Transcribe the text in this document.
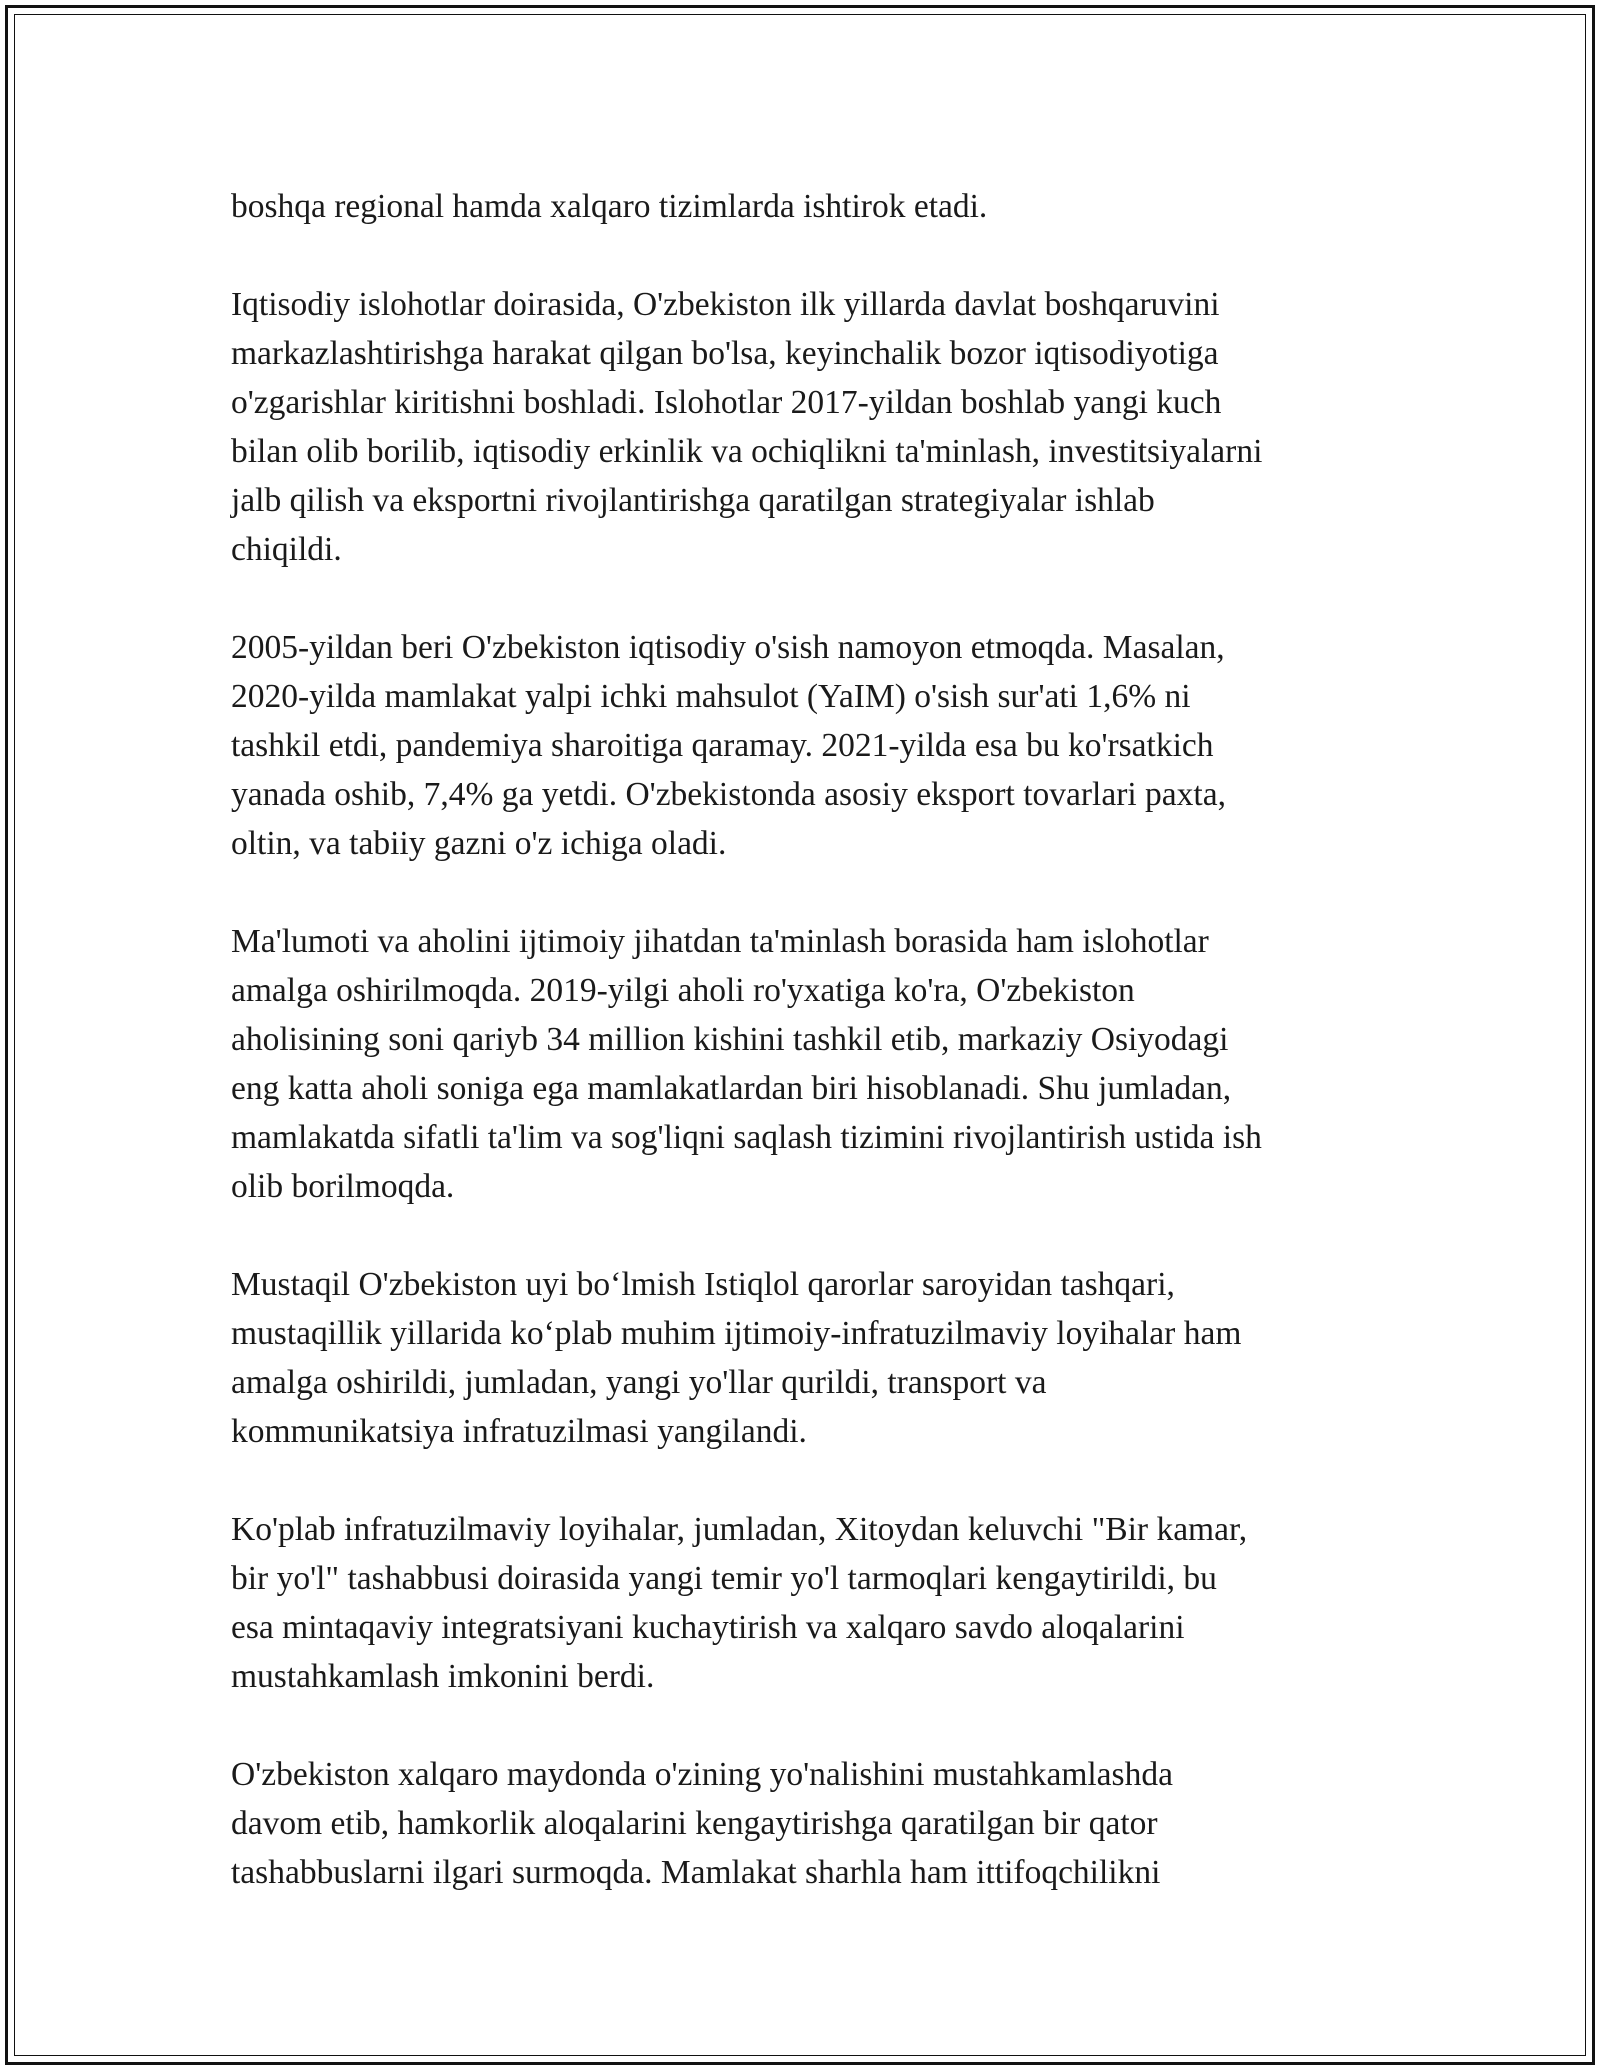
boshqa regional hamda xalqaro tizimlarda ishtirok etadi.

Iqtisodiy islohotlar doirasida, O'zbekiston ilk yillarda davlat boshqaruvini
markazlashtirishga harakat qilgan bo'lsa, keyinchalik bozor iqtisodiyotiga
o'zgarishlar kiritishni boshladi. Islohotlar 2017-yildan boshlab yangi kuch
bilan olib borilib, iqtisodiy erkinlik va ochiqlikni ta'minlash, investitsiyalarni
jalb qilish va eksportni rivojlantirishga qaratilgan strategiyalar ishlab
chiqildi.

2005-yildan beri O'zbekiston iqtisodiy o'sish namoyon etmoqda. Masalan,
2020-yilda mamlakat yalpi ichki mahsulot (YaIM) o'sish sur'ati 1,6% ni
tashkil etdi, pandemiya sharoitiga qaramay. 2021-yilda esa bu ko'rsatkich
yanada oshib, 7,4% ga yetdi. O'zbekistonda asosiy eksport tovarlari paxta,
oltin, va tabiiy gazni o'z ichiga oladi.

Ma'lumoti va aholini ijtimoiy jihatdan ta'minlash borasida ham islohotlar
amalga oshirilmoqda. 2019-yilgi aholi ro'yxatiga ko'ra, O'zbekiston
aholisining soni qariyb 34 million kishini tashkil etib, markaziy Osiyodagi
eng katta aholi soniga ega mamlakatlardan biri hisoblanadi. Shu jumladan,
mamlakatda sifatli ta'lim va sog'liqni saqlash tizimini rivojlantirish ustida ish
olib borilmoqda.

Mustaqil O'zbekiston uyi bo‘lmish Istiqlol qarorlar saroyidan tashqari,
mustaqillik yillarida ko‘plab muhim ijtimoiy-infratuzilmaviy loyihalar ham
amalga oshirildi, jumladan, yangi yo'llar qurildi, transport va
kommunikatsiya infratuzilmasi yangilandi.

Ko'plab infratuzilmaviy loyihalar, jumladan, Xitoydan keluvchi "Bir kamar,
bir yo'l" tashabbusi doirasida yangi temir yo'l tarmoqlari kengaytirildi, bu
esa mintaqaviy integratsiyani kuchaytirish va xalqaro savdo aloqalarini
mustahkamlash imkonini berdi.

O'zbekiston xalqaro maydonda o'zining yo'nalishini mustahkamlashda
davom etib, hamkorlik aloqalarini kengaytirishga qaratilgan bir qator
tashabbuslarni ilgari surmoqda. Mamlakat sharhla ham ittifoqchilikni
